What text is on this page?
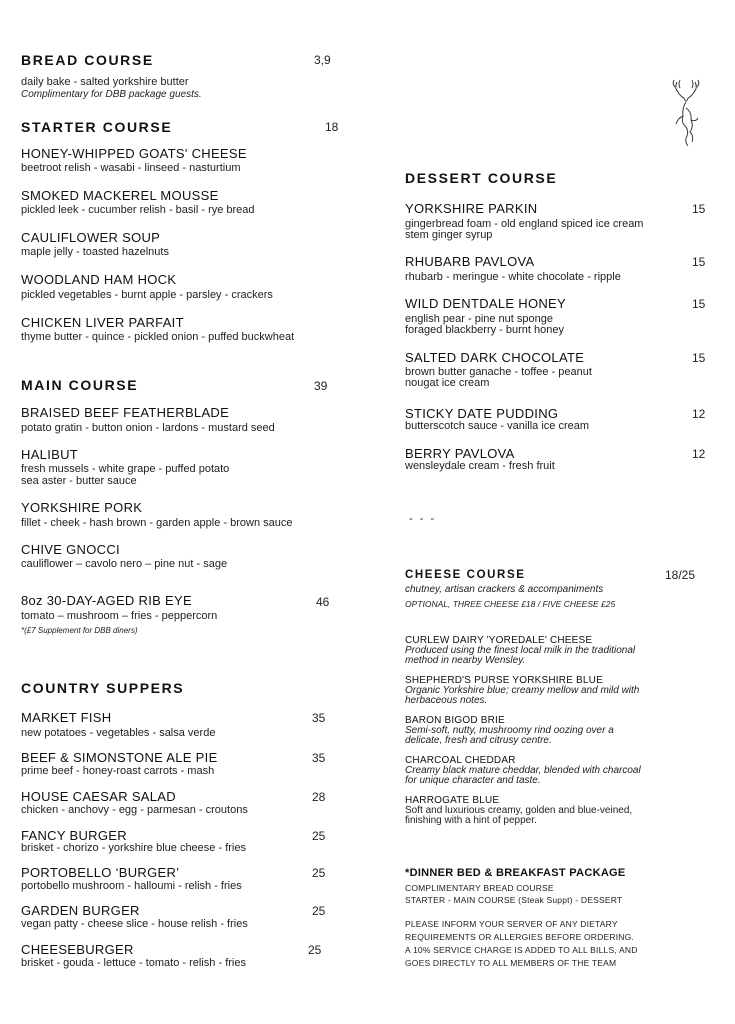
BREAD COURSE	3,9
daily bake - salted yorkshire butter
Complimentary for DBB package guests.
STARTER COURSE	18
HONEY-WHIPPED GOATS' CHEESE
beetroot relish - wasabi - linseed - nasturtium
SMOKED MACKEREL MOUSSE
pickled leek - cucumber relish - basil - rye bread
CAULIFLOWER SOUP
maple jelly - toasted hazelnuts
WOODLAND HAM HOCK
pickled vegetables - burnt apple - parsley - crackers
CHICKEN LIVER PARFAIT
thyme butter - quince - pickled onion - puffed buckwheat
MAIN COURSE	39
BRAISED BEEF FEATHERBLADE
potato gratin - button onion - lardons - mustard seed
HALIBUT
fresh mussels - white grape - puffed potato
sea aster - butter sauce
YORKSHIRE PORK
fillet - cheek - hash brown - garden apple - brown sauce
CHIVE GNOCCI
cauliflower – cavolo nero – pine nut - sage
8oz 30-DAY-AGED RIB EYE	46
tomato – mushroom – fries - peppercorn
*(£7 Supplement for DBB diners)
COUNTRY SUPPERS
MARKET FISH	35
new potatoes - vegetables - salsa verde
BEEF & SIMONSTONE ALE PIE	35
prime beef - honey-roast carrots - mash
HOUSE CAESAR SALAD	28
chicken - anchovy - egg - parmesan - croutons
FANCY BURGER	25
brisket - chorizo - yorkshire blue cheese - fries
PORTOBELLO ‘BURGER’	25
portobello mushroom - halloumi - relish - fries
GARDEN BURGER	25
vegan patty - cheese slice - house relish - fries
CHEESEBURGER	25
brisket - gouda - lettuce - tomato - relish - fries
DESSERT COURSE
YORKSHIRE PARKIN	15
gingerbread foam - old england spiced ice cream
stem ginger syrup
RHUBARB PAVLOVA	15
rhubarb - meringue - white chocolate - ripple
WILD DENTDALE HONEY	15
english pear - pine nut sponge
foraged blackberry - burnt honey
SALTED DARK CHOCOLATE	15
brown butter ganache - toffee - peanut
nougat ice cream
STICKY DATE PUDDING	12
butterscotch sauce - vanilla ice cream
BERRY PAVLOVA	12
wensleydale cream - fresh fruit
- - -
CHEESE COURSE	18/25
chutney, artisan crackers & accompaniments
OPTIONAL, THREE CHEESE £18 / FIVE CHEESE £25
CURLEW DAIRY 'YOREDALE' CHEESE
Produced using the finest local milk in the traditional
method in nearby Wensley.
SHEPHERD'S PURSE YORKSHIRE BLUE
Organic Yorkshire blue; creamy mellow and mild with
herbaceous notes.
BARON BIGOD BRIE
Semi-soft, nutty, mushroomy rind oozing over a
delicate, fresh and citrusy centre.
CHARCOAL CHEDDAR
Creamy black mature cheddar, blended with charcoal
for unique character and taste.
HARROGATE BLUE
Soft and luxurious creamy, golden and blue-veined,
finishing with a hint of pepper.
*DINNER BED & BREAKFAST PACKAGE
COMPLIMENTARY BREAD COURSE
STARTER - MAIN COURSE (Steak Suppt) - DESSERT
PLEASE INFORM YOUR SERVER OF ANY DIETARY
REQUIREMENTS OR ALLERGIES BEFORE ORDERING.
A 10% SERVICE CHARGE IS ADDED TO ALL BILLS, AND
GOES DIRECTLY TO ALL MEMBERS OF THE TEAM
